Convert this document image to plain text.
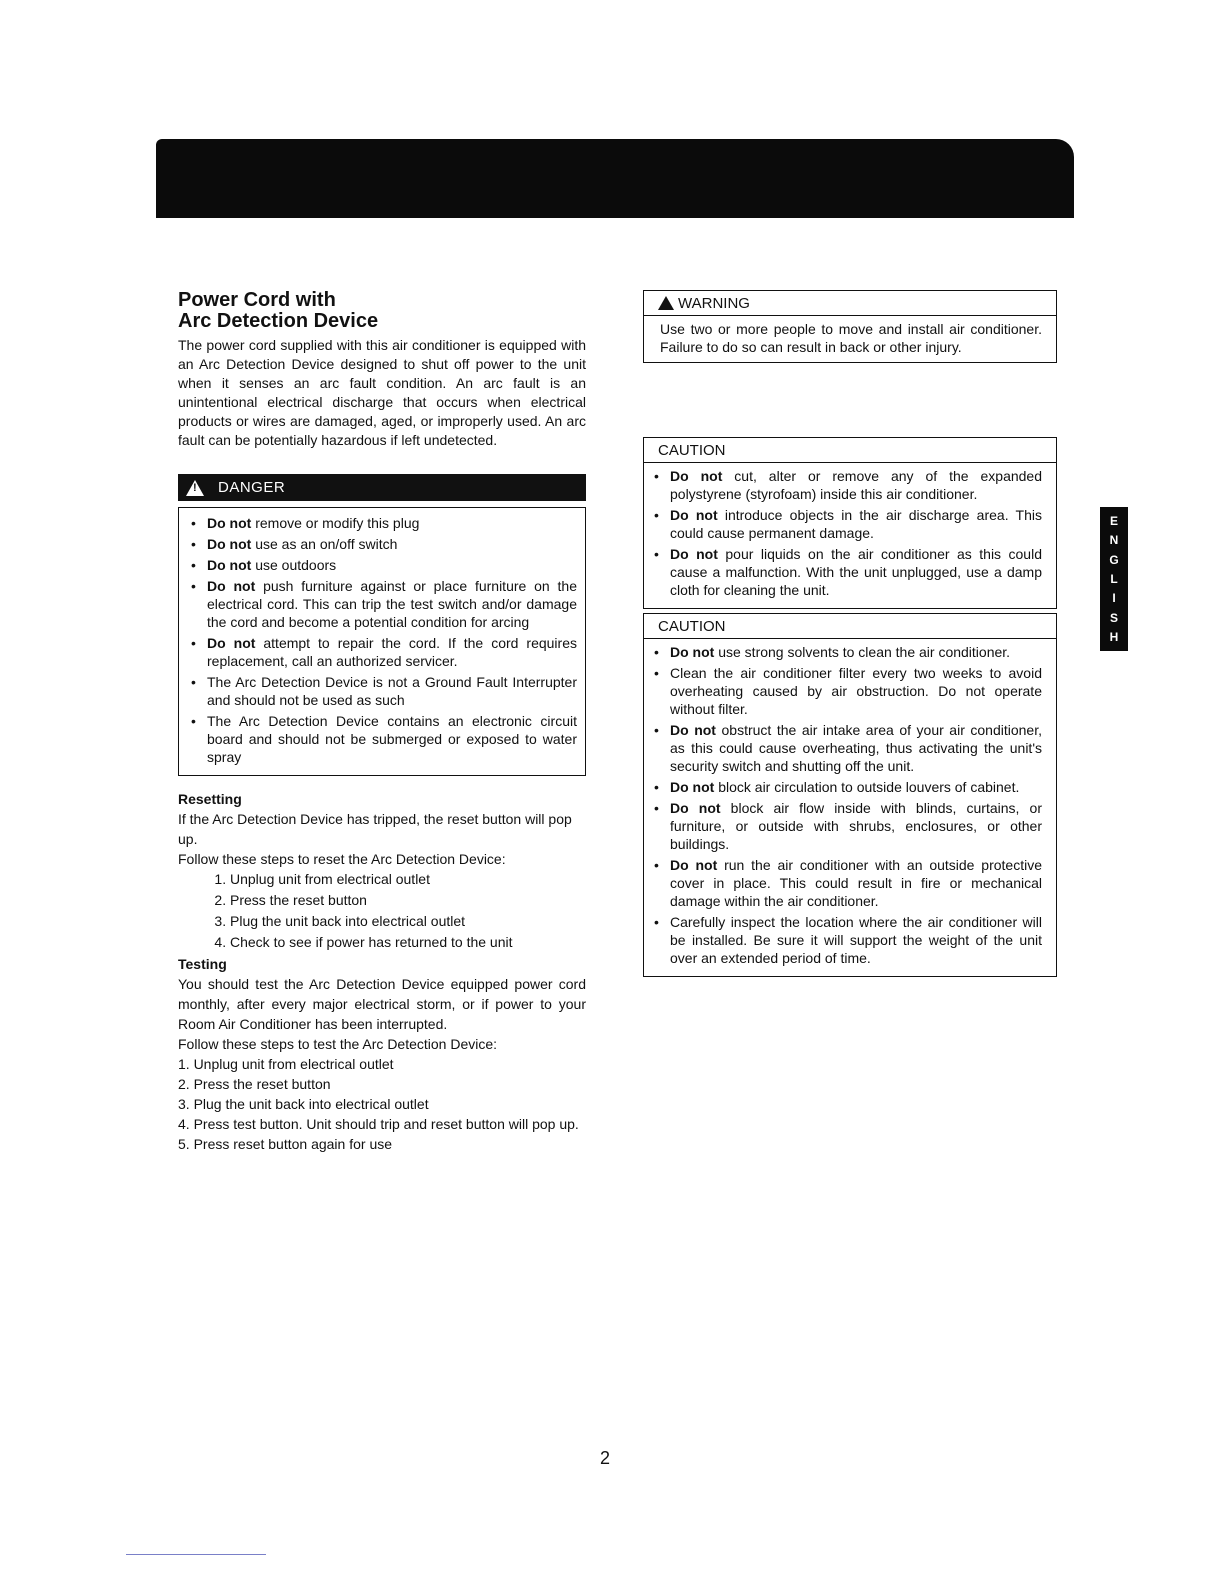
Power Cord with
Arc Detection Device

The power cord supplied with this air conditioner is equipped with an Arc Detection Device designed to shut off power to the unit when it senses an arc fault condition. An arc fault is an unintentional electrical discharge that occurs when electrical products or wires are damaged, aged, or improperly used. An arc fault can be potentially hazardous if left undetected.

!
DANGER
• Do not remove or modify this plug
• Do not use as an on/off switch
• Do not use outdoors
• Do not push furniture against or place furniture on the electrical cord. This can trip the test switch and/or damage the cord and become a potential condition for arcing
• Do not attempt to repair the cord. If the cord requires replacement, call an authorized servicer.
• The Arc Detection Device is not a Ground Fault Interrupter and should not be used as such
• The Arc Detection Device contains an electronic circuit board and should not be submerged or exposed to water spray
Resetting

If the Arc Detection Device has tripped, the reset button will pop up.

Follow these steps to reset the Arc Detection Device:

1. Unplug unit from electrical outlet
2. Press the reset button
3. Plug the unit back into electrical outlet
4. Check to see if power has returned to the unit
Testing

You should test the Arc Detection Device equipped power cord monthly, after every major electrical storm, or if power to your Room Air Conditioner has been interrupted.

Follow these steps to test the Arc Detection Device:

1. Unplug unit from electrical outlet
2. Press the reset button
3. Plug the unit back into electrical outlet
4. Press test button. Unit should trip and reset button will pop up.
5. Press reset button again for use
WARNING
Use two or more people to move and install air conditioner. Failure to do so can result in back or other injury.
CAUTION
• Do not cut, alter or remove any of the expanded polystyrene (styrofoam) inside this air conditioner.
• Do not introduce objects in the air discharge area. This could cause permanent damage.
• Do not pour liquids on the air conditioner as this could cause a malfunction. With the unit unplugged, use a damp cloth for cleaning the unit.
CAUTION
• Do not use strong solvents to clean the air conditioner.
• Clean the air conditioner filter every two weeks to avoid overheating caused by air obstruction. Do not operate without filter.
• Do not obstruct the air intake area of your air conditioner, as this could cause overheating, thus activating the unit's security switch and shutting off the unit.
• Do not block air circulation to outside louvers of cabinet.
• Do not block air flow inside with blinds, curtains, or furniture, or outside with shrubs, enclosures, or other buildings.
• Do not run the air conditioner with an outside protective cover in place. This could result in fire or mechanical damage within the air conditioner.
• Carefully inspect the location where the air conditioner will be installed. Be sure it will support the weight of the unit over an extended period of time.
E
N
G
L
I
S
H
2
